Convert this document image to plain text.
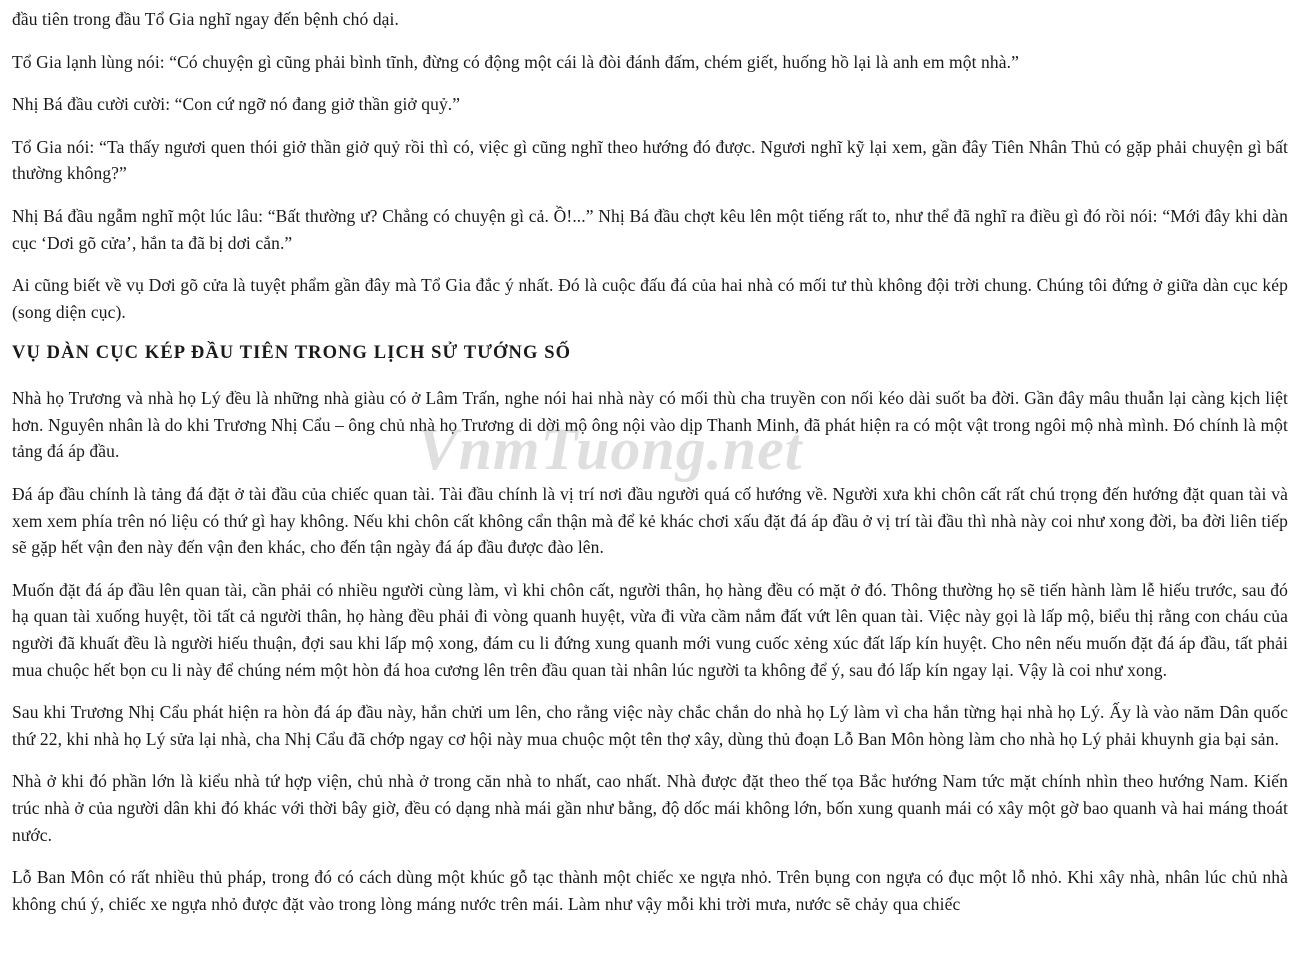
VnmTuong.net

đầu tiên trong đầu Tổ Gia nghĩ ngay đến bệnh chó dại.

Tổ Gia lạnh lùng nói: “Có chuyện gì cũng phải bình tĩnh, đừng có động một cái là đòi đánh đấm, chém giết, huống hồ lại là anh em một nhà.”

Nhị Bá đầu cười cười: “Con cứ ngỡ nó đang giở thần giở quỷ.”

Tổ Gia nói: “Ta thấy ngươi quen thói giở thần giở quỷ rồi thì có, việc gì cũng nghĩ theo hướng đó được. Ngươi nghĩ kỹ lại xem, gần đây Tiên Nhân Thủ có gặp phải chuyện gì bất thường không?”

Nhị Bá đầu ngẫm nghĩ một lúc lâu: “Bất thường ư? Chẳng có chuyện gì cả. Ồ!...” Nhị Bá đầu chợt kêu lên một tiếng rất to, như thể đã nghĩ ra điều gì đó rồi nói: “Mới đây khi dàn cục ‘Dơi gõ cửa’, hắn ta đã bị dơi cắn.”

Ai cũng biết về vụ Dơi gõ cửa là tuyệt phẩm gần đây mà Tổ Gia đắc ý nhất. Đó là cuộc đấu đá của hai nhà có mối tư thù không đội trời chung. Chúng tôi đứng ở giữa dàn cục kép (song diện cục).

VỤ DÀN CỤC KÉP ĐẦU TIÊN TRONG LỊCH SỬ TƯỚNG SỐ

Nhà họ Trương và nhà họ Lý đều là những nhà giàu có ở Lâm Trấn, nghe nói hai nhà này có mối thù cha truyền con nối kéo dài suốt ba đời. Gần đây mâu thuẫn lại càng kịch liệt hơn. Nguyên nhân là do khi Trương Nhị Cẩu – ông chủ nhà họ Trương di dời mộ ông nội vào dịp Thanh Minh, đã phát hiện ra có một vật trong ngôi mộ nhà mình. Đó chính là một tảng đá áp đầu.

Đá áp đầu chính là tảng đá đặt ở tài đầu của chiếc quan tài. Tài đầu chính là vị trí nơi đầu người quá cố hướng về. Người xưa khi chôn cất rất chú trọng đến hướng đặt quan tài và xem xem phía trên nó liệu có thứ gì hay không. Nếu khi chôn cất không cẩn thận mà để kẻ khác chơi xấu đặt đá áp đầu ở vị trí tài đầu thì nhà này coi như xong đời, ba đời liên tiếp sẽ gặp hết vận đen này đến vận đen khác, cho đến tận ngày đá áp đầu được đào lên.

Muốn đặt đá áp đầu lên quan tài, cần phải có nhiều người cùng làm, vì khi chôn cất, người thân, họ hàng đều có mặt ở đó. Thông thường họ sẽ tiến hành làm lễ hiếu trước, sau đó hạ quan tài xuống huyệt, tồi tất cả người thân, họ hàng đều phải đi vòng quanh huyệt, vừa đi vừa cầm nắm đất vứt lên quan tài. Việc này gọi là lấp mộ, biểu thị rằng con cháu của người đã khuất đều là người hiếu thuận, đợi sau khi lấp mộ xong, đám cu li đứng xung quanh mới vung cuốc xẻng xúc đất lấp kín huyệt. Cho nên nếu muốn đặt đá áp đầu, tất phải mua chuộc hết bọn cu li này để chúng ném một hòn đá hoa cương lên trên đầu quan tài nhân lúc người ta không để ý, sau đó lấp kín ngay lại. Vậy là coi như xong.

Sau khi Trương Nhị Cẩu phát hiện ra hòn đá áp đầu này, hắn chửi um lên, cho rằng việc này chắc chắn do nhà họ Lý làm vì cha hắn từng hại nhà họ Lý. Ấy là vào năm Dân quốc thứ 22, khi nhà họ Lý sửa lại nhà, cha Nhị Cẩu đã chớp ngay cơ hội này mua chuộc một tên thợ xây, dùng thủ đoạn Lỗ Ban Môn hòng làm cho nhà họ Lý phải khuynh gia bại sản.

Nhà ở khi đó phần lớn là kiểu nhà tứ hợp viện, chủ nhà ở trong căn nhà to nhất, cao nhất. Nhà được đặt theo thế tọa Bắc hướng Nam tức mặt chính nhìn theo hướng Nam. Kiến trúc nhà ở của người dân khi đó khác với thời bây giờ, đều có dạng nhà mái gần như bằng, độ dốc mái không lớn, bốn xung quanh mái có xây một gờ bao quanh và hai máng thoát nước.

Lỗ Ban Môn có rất nhiều thủ pháp, trong đó có cách dùng một khúc gỗ tạc thành một chiếc xe ngựa nhỏ. Trên bụng con ngựa có đục một lỗ nhỏ. Khi xây nhà, nhân lúc chủ nhà không chú ý, chiếc xe ngựa nhỏ được đặt vào trong lòng máng nước trên mái. Làm như vậy mỗi khi trời mưa, nước sẽ chảy qua chiếc
